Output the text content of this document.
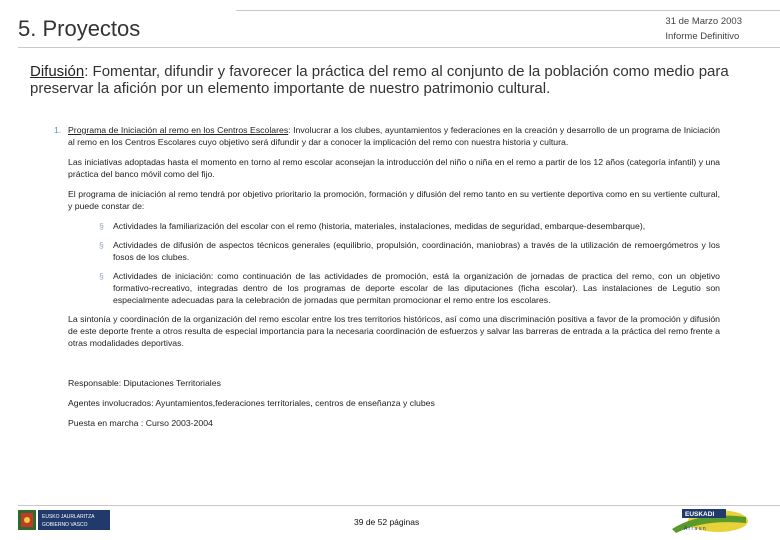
5. Proyectos	31 de Marzo 2003
Informe Definitivo
Difusión: Fomentar, difundir y favorecer la práctica del remo al conjunto de la población como medio para preservar la afición por un elemento importante de nuestro patrimonio cultural.
1. Programa de Iniciación al remo en los Centros Escolares: Involucrar a los clubes, ayuntamientos y federaciones en la creación y desarrollo de un programa de Iniciación al remo en los Centros Escolares cuyo objetivo será difundir y dar a conocer la implicación del remo con nuestra historia y cultura.
Las iniciativas adoptadas hasta el momento en torno al remo escolar aconsejan la introducción del niño o niña en el remo a partir de los 12 años (categoría infantil) y una práctica del banco móvil como del fijo.
El programa de iniciación al remo tendrá por objetivo prioritario la promoción, formación y difusión del remo tanto en su vertiente deportiva como en su vertiente cultural, y puede constar de:
§ Actividades la familiarización del escolar con el remo (historia, materiales, instalaciones, medidas de seguridad, embarque-desembarque),
§ Actividades de difusión de aspectos técnicos generales (equilibrio, propulsión, coordinación, maniobras) a través de la utilización de remoergómetros y los fosos de los clubes.
§ Actividades de iniciación: como continuación de las actividades de promoción, está la organización de jornadas de practica del remo, con un objetivo formativo-recreativo, integradas dentro de los programas de deporte escolar de las diputaciones (ficha escolar). Las instalaciones de Legutio son especialmente adecuadas para la celebración de jornadas que permitan promocionar el remo entre los escolares.
La sintonía y coordinación de la organización del remo escolar entre los tres territorios históricos, así como una discriminación positiva a favor de la promoción y difusión de este deporte frente a otros resulta de especial importancia para la necesaria coordinación de esfuerzos y salvar las barreras de entrada a la práctica del remo frente a otras modalidades deportivas.
Responsable: Diputaciones Territoriales
Agentes involucrados: Ayuntamientos,federaciones territoriales, centros de enseñanza y clubes
Puesta en marcha : Curso 2003-2004
EUSKO JAURLARITZA
GOBIERNO VASCO	39 de 52 páginas
EUSKADI
A r r a u n
